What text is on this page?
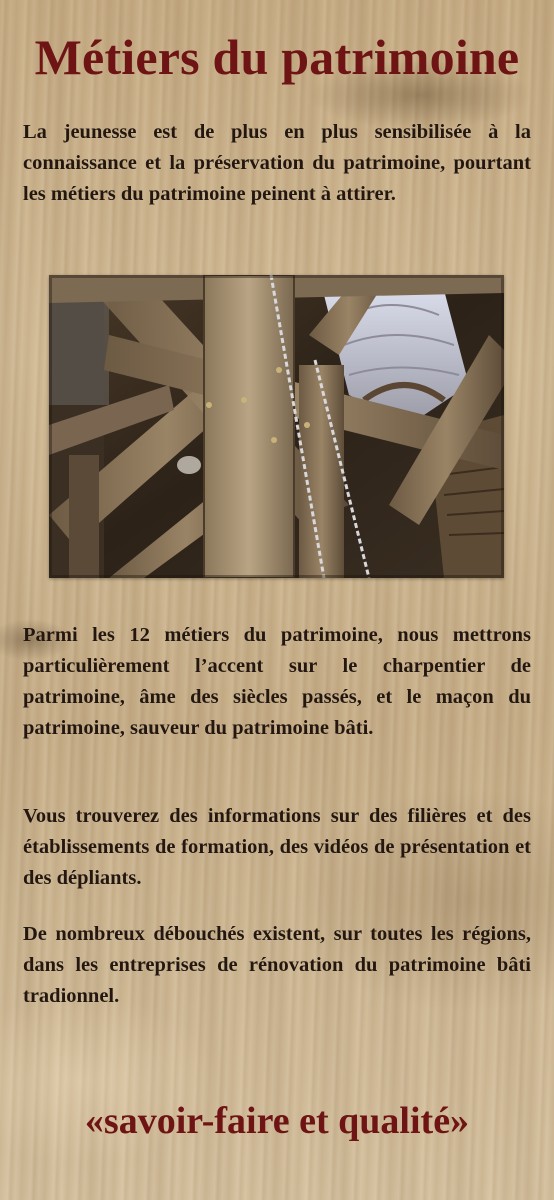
Métiers du patrimoine

La jeunesse est de plus en plus sensibilisée à la connaissance et la préservation du patrimoine, pourtant les métiers du patrimoine peinent à attirer.

Parmi les 12 métiers du patrimoine, nous mettrons particulièrement l’accent sur le charpentier de patrimoine, âme des siècles passés, et le maçon du patrimoine, sauveur du patrimoine bâti.

Vous trouverez des informations sur des filières et des établissements de formation, des vidéos de présentation et des dépliants.

De nombreux débouchés existent, sur toutes les régions, dans les entreprises de rénovation du patrimoine bâti tradionnel.

«savoir-faire et qualité»
